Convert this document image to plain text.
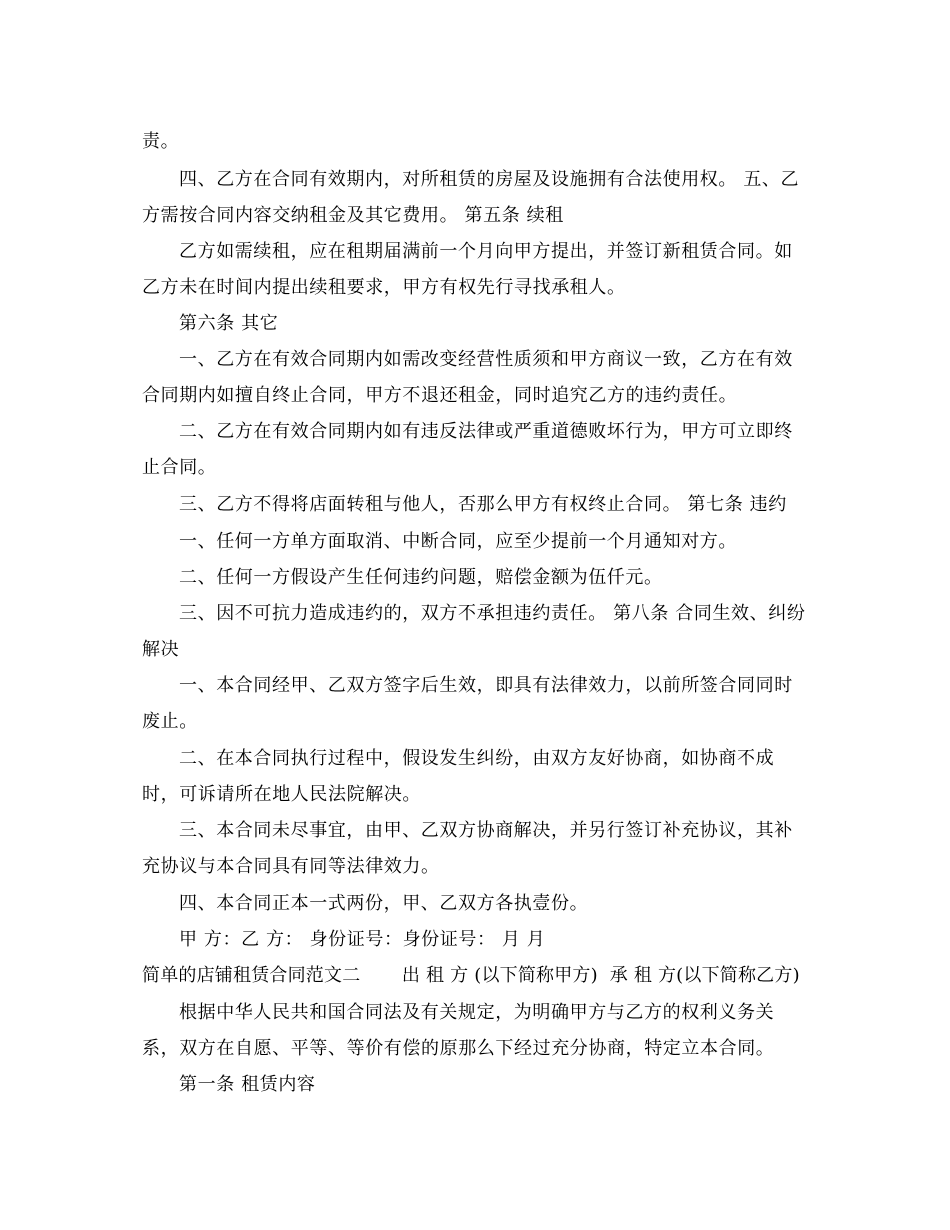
责。
四、乙方在合同有效期内，对所租赁的房屋及设施拥有合法使用权。 五、乙
方需按合同内容交纳租金及其它费用。 第五条 续租
乙方如需续租，应在租期届满前一个月向甲方提出，并签订新租赁合同。如
乙方未在时间内提出续租要求，甲方有权先行寻找承租人。
第六条 其它
一、乙方在有效合同期内如需改变经营性质须和甲方商议一致，乙方在有效
合同期内如擅自终止合同，甲方不退还租金，同时追究乙方的违约责任。
二、乙方在有效合同期内如有违反法律或严重道德败坏行为，甲方可立即终
止合同。
三、乙方不得将店面转租与他人，否那么甲方有权终止合同。 第七条 违约
一、任何一方单方面取消、中断合同，应至少提前一个月通知对方。
二、任何一方假设产生任何违约问题，赔偿金额为伍仟元。
三、因不可抗力造成违约的，双方不承担违约责任。 第八条 合同生效、纠纷
解决
一、本合同经甲、乙双方签字后生效，即具有法律效力，以前所签合同同时
废止。
二、在本合同执行过程中，假设发生纠纷，由双方友好协商，如协商不成
时，可诉请所在地人民法院解决。
三、本合同未尽事宜，由甲、乙双方协商解决，并另行签订补充协议，其补
充协议与本合同具有同等法律效力。
四、本合同正本一式两份，甲、乙双方各执壹份。
甲 方：乙 方： 身份证号：身份证号： 月 月
简单的店铺租赁合同范文二       出 租 方 (以下简称甲方)  承 租 方(以下简称乙方)
根据中华人民共和国合同法及有关规定，为明确甲方与乙方的权利义务关
系，双方在自愿、平等、等价有偿的原那么下经过充分协商，特定立本合同。
第一条 租赁内容
